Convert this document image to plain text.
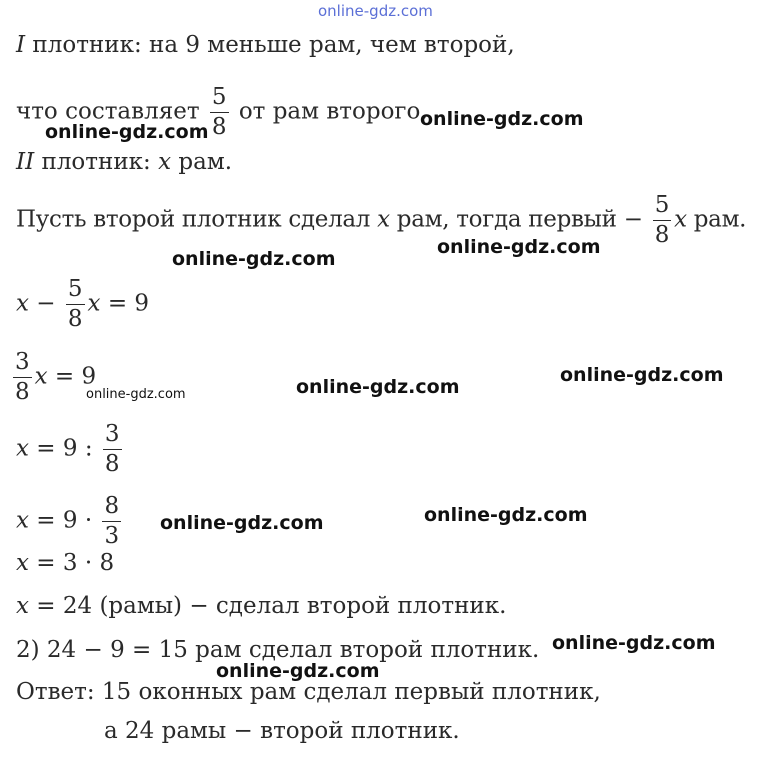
online-gdz.com
I плотник: на 9 меньше рам, чем второй,
что составляет $\frac{5}{8}$ от рам второго.
II плотник: x рам.
Пусть второй плотник сделал x рам, тогда первый − $\frac{5}{8}$ x рам.
$x - \frac{5}{8}$ x = 9
$\frac{3}{8}$ x = 9
x = 9 : $\frac{3}{8}$
$x = 9 \cdot \frac{8}{3}$
x = 3 · 8
x = 24 (рамы) − сделал второй плотник.
2) 24 − 9 = 15 рам сделал второй плотник.
Ответ: 15 оконных рам сделал первый плотник,
а 24 рамы − второй плотник.
online-gdz.com
online-gdz.com
online-gdz.com
online-gdz.com
online-gdz.com
online-gdz.com
online-gdz.com
online-gdz.com	online-gdz.com
online-gdz.com
online-gdz.com
